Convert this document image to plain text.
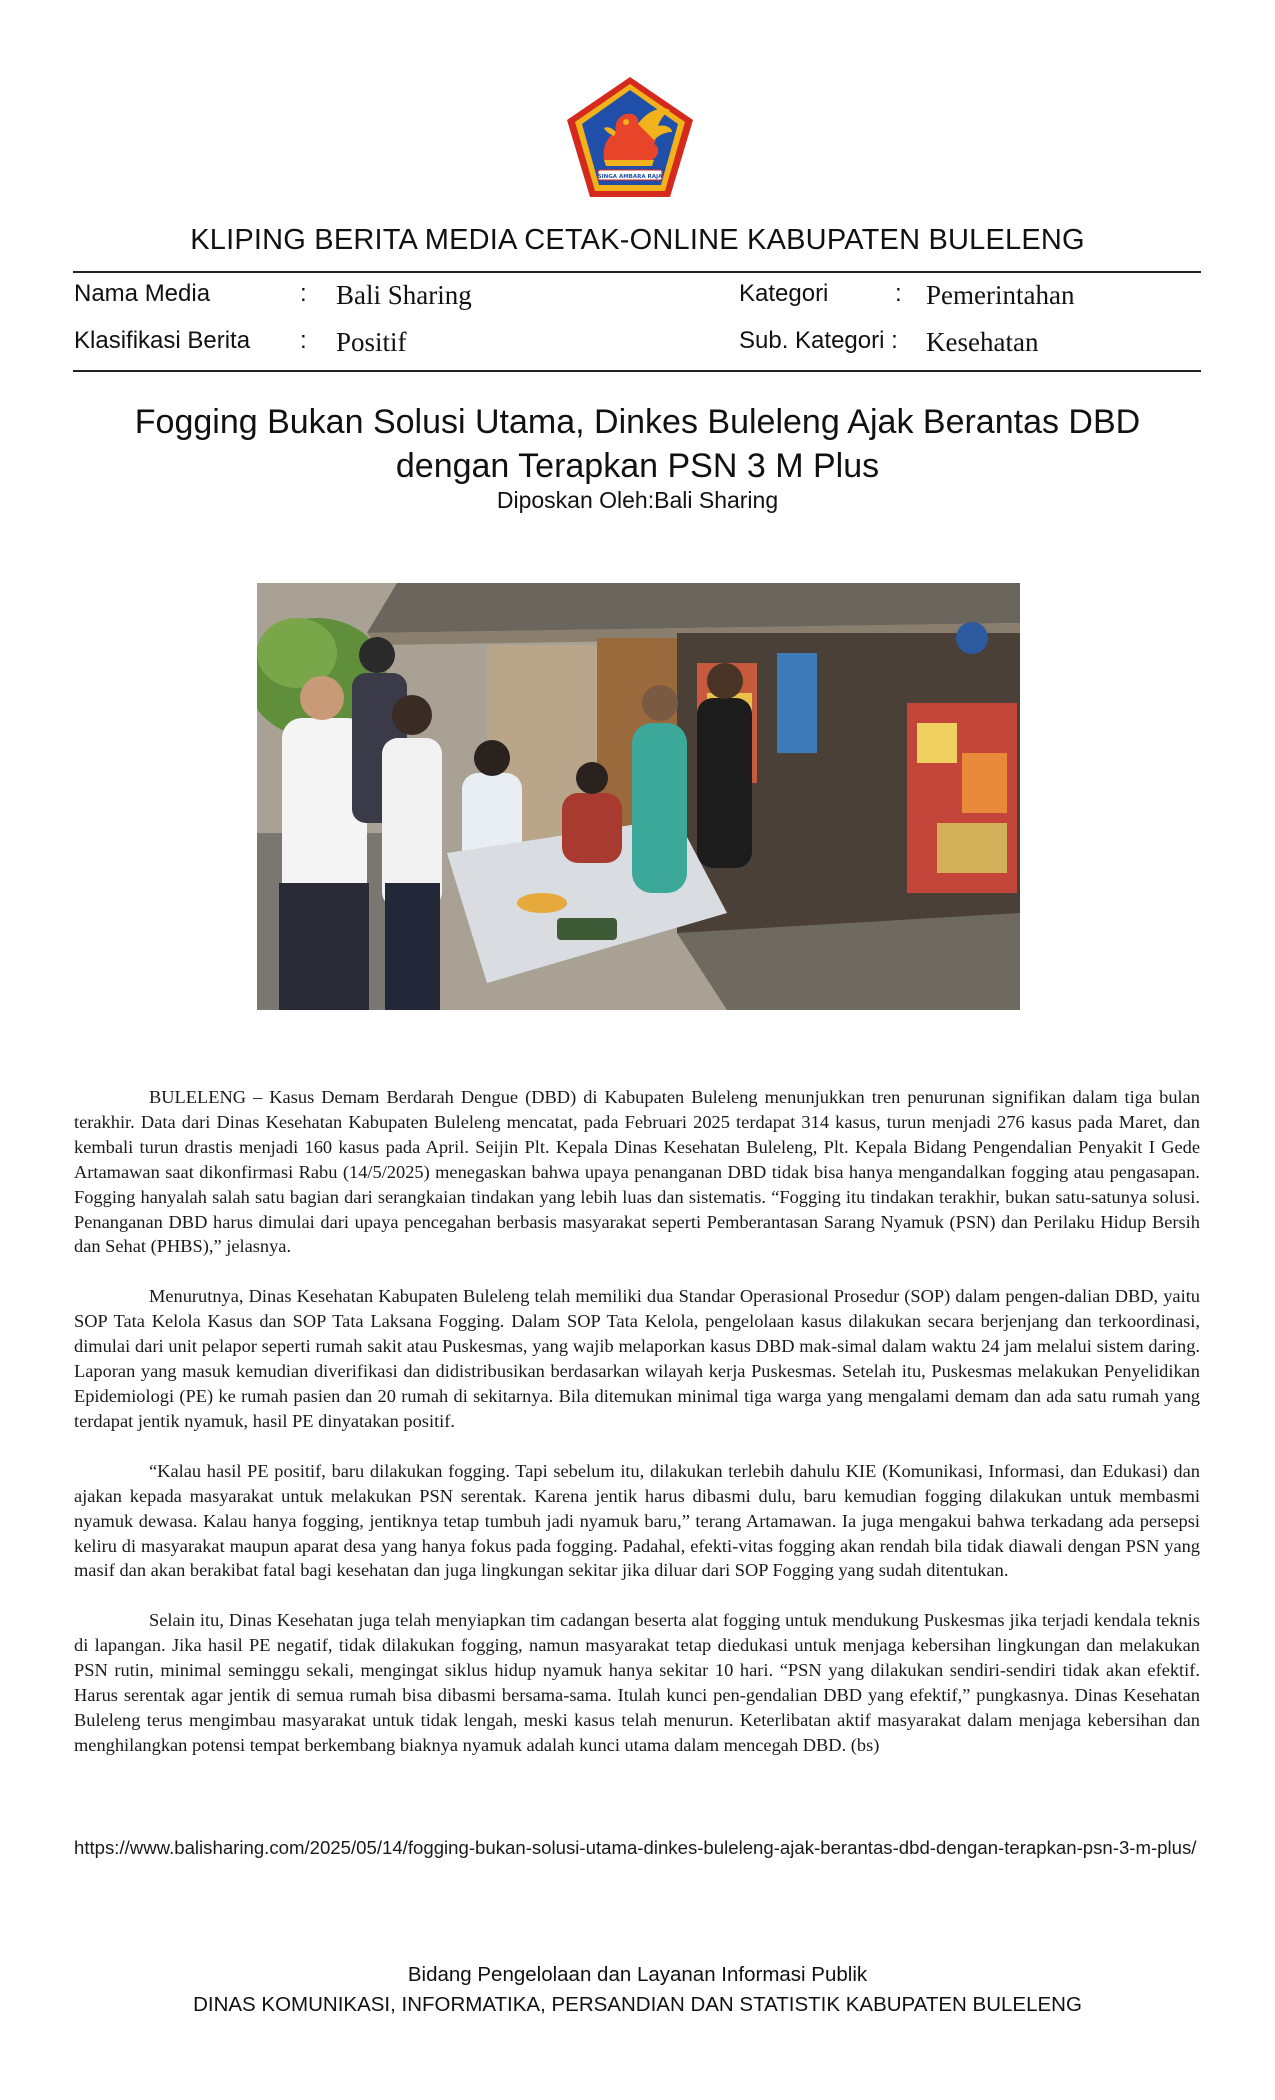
SINGA AMBARA RAJA
KLIPING BERITA MEDIA CETAK-ONLINE KABUPATEN BULELENG
Nama Media	: Bali Sharing	Kategori	: Pemerintahan
Klasifikasi Berita : Positif	Sub. Kategori : Kesehatan
Fogging Bukan Solusi Utama, Dinkes Buleleng Ajak Berantas DBD
dengan Terapkan PSN 3 M Plus
Diposkan Oleh:Bali Sharing

BULELENG – Kasus Demam Berdarah Dengue (DBD) di Kabupaten Buleleng menunjukkan tren penurunan signifikan dalam tiga bulan terakhir. Data dari Dinas Kesehatan Kabupaten Buleleng mencatat, pada Februari 2025 terdapat 314 kasus, turun menjadi 276 kasus pada Maret, dan kembali turun drastis menjadi 160 kasus pada April. Seijin Plt. Kepala Dinas Kesehatan Buleleng, Plt. Kepala Bidang Pengendalian Penyakit I Gede Artamawan saat dikonfirmasi Rabu (14/5/2025) menegaskan bahwa upaya penanganan DBD tidak bisa hanya mengandalkan fogging atau pengasapan. Fogging hanyalah salah satu bagian dari serangkaian tindakan yang lebih luas dan sistematis. “Fogging itu tindakan terakhir, bukan satu-satunya solusi. Penanganan DBD harus dimulai dari upaya pencegahan berbasis masyarakat seperti Pemberantasan Sarang Nyamuk (PSN) dan Perilaku Hidup Bersih dan Sehat (PHBS),” jelasnya.

Menurutnya, Dinas Kesehatan Kabupaten Buleleng telah memiliki dua Standar Operasional Prosedur (SOP) dalam pengen-dalian DBD, yaitu SOP Tata Kelola Kasus dan SOP Tata Laksana Fogging. Dalam SOP Tata Kelola, pengelolaan kasus dilakukan secara berjenjang dan terkoordinasi, dimulai dari unit pelapor seperti rumah sakit atau Puskesmas, yang wajib melaporkan kasus DBD mak-simal dalam waktu 24 jam melalui sistem daring. Laporan yang masuk kemudian diverifikasi dan didistribusikan berdasarkan wilayah kerja Puskesmas. Setelah itu, Puskesmas melakukan Penyelidikan Epidemiologi (PE) ke rumah pasien dan 20 rumah di sekitarnya. Bila ditemukan minimal tiga warga yang mengalami demam dan ada satu rumah yang terdapat jentik nyamuk, hasil PE dinyatakan positif.

“Kalau hasil PE positif, baru dilakukan fogging. Tapi sebelum itu, dilakukan terlebih dahulu KIE (Komunikasi, Informasi, dan Edukasi) dan ajakan kepada masyarakat untuk melakukan PSN serentak. Karena jentik harus dibasmi dulu, baru kemudian fogging dilakukan untuk membasmi nyamuk dewasa. Kalau hanya fogging, jentiknya tetap tumbuh jadi nyamuk baru,” terang Artamawan. Ia juga mengakui bahwa terkadang ada persepsi keliru di masyarakat maupun aparat desa yang hanya fokus pada fogging. Padahal, efekti-vitas fogging akan rendah bila tidak diawali dengan PSN yang masif dan akan berakibat fatal bagi kesehatan dan juga lingkungan sekitar jika diluar dari SOP Fogging yang sudah ditentukan.

Selain itu, Dinas Kesehatan juga telah menyiapkan tim cadangan beserta alat fogging untuk mendukung Puskesmas jika terjadi kendala teknis di lapangan. Jika hasil PE negatif, tidak dilakukan fogging, namun masyarakat tetap diedukasi untuk menjaga kebersihan lingkungan dan melakukan PSN rutin, minimal seminggu sekali, mengingat siklus hidup nyamuk hanya sekitar 10 hari. “PSN yang dilakukan sendiri-sendiri tidak akan efektif. Harus serentak agar jentik di semua rumah bisa dibasmi bersama-sama. Itulah kunci pen-gendalian DBD yang efektif,” pungkasnya. Dinas Kesehatan Buleleng terus mengimbau masyarakat untuk tidak lengah, meski kasus telah menurun. Keterlibatan aktif masyarakat dalam menjaga kebersihan dan menghilangkan potensi tempat berkembang biaknya nyamuk adalah kunci utama dalam mencegah DBD. (bs)

https://www.balisharing.com/2025/05/14/fogging-bukan-solusi-utama-dinkes-buleleng-ajak-berantas-dbd-dengan-terapkan-psn-3-m-plus/
Bidang Pengelolaan dan Layanan Informasi Publik
DINAS KOMUNIKASI, INFORMATIKA, PERSANDIAN DAN STATISTIK KABUPATEN BULELENG
